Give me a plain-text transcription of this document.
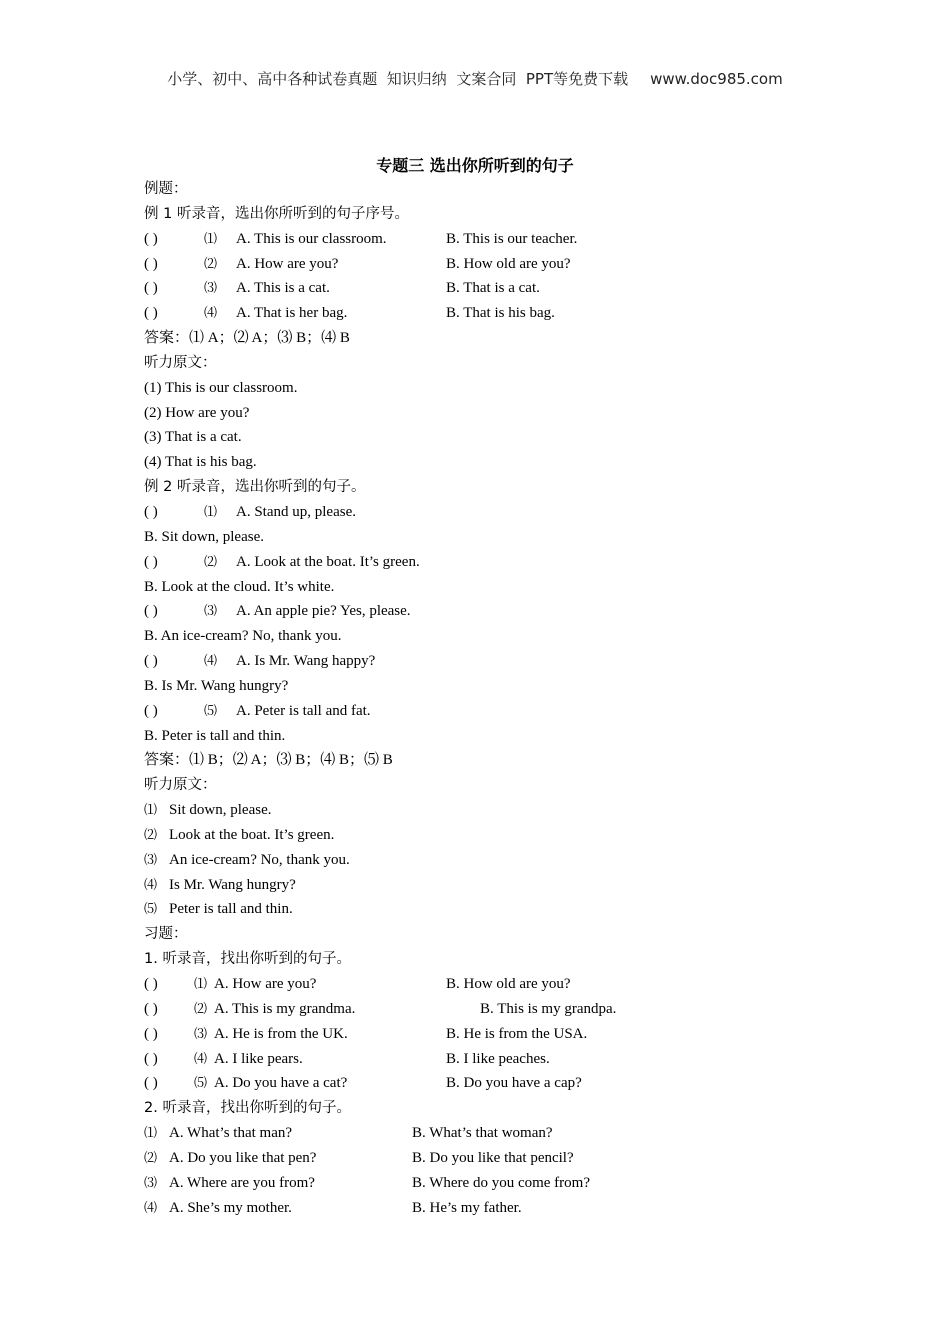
小学、初中、高中各种试卷真题  知识归纳  文案合同  PPT等免费下载 www.doc985.com
专题三 选出你所听到的句子
例题：
例 1 听录音，选出你所听到的句子序号。
( )	⑴ A. This is our classroom.	B. This is our teacher.
( )	⑵ A. How are you?	B. How old are you?
( )	⑶ A. This is a cat.	B. That is a cat.
( )	⑷ A. That is her bag.	B. That is his bag.
答案：⑴ A；⑵ A；⑶ B；⑷ B
听力原文：
(1) This is our classroom.
(2) How are you?
(3) That is a cat.
(4) That is his bag.
例 2 听录音，选出你听到的句子。
( )	⑴ A. Stand up, please.
B. Sit down, please.
( )	⑵ A. Look at the boat. It’s green.
B. Look at the cloud. It’s white.
( )	⑶ A. An apple pie? Yes, please.
B. An ice-cream? No, thank you.
( )	⑷ A. Is Mr. Wang happy?
B. Is Mr. Wang hungry?
( )	⑸ A. Peter is tall and fat.
B. Peter is tall and thin.
答案：⑴ B；⑵ A；⑶ B；⑷ B；⑸ B
听力原文：
⑴ Sit down, please.
⑵ Look at the boat. It’s green.
⑶ An ice-cream? No, thank you.
⑷ Is Mr. Wang hungry?
⑸ Peter is tall and thin.
习题：
1. 听录音，找出你听到的句子。
( )	⑴ A. How are you?	B. How old are you?
( )	⑵ A. This is my grandma.	B. This is my grandpa.
( )	⑶ A. He is from the UK.	B. He is from the USA.
( )	⑷ A. I like pears.	B. I like peaches.
( )	⑸ A. Do you have a cat?	B. Do you have a cap?
2. 听录音，找出你听到的句子。
⑴ A. What’s that man?	B. What’s that woman?
⑵ A. Do you like that pen?	B. Do you like that pencil?
⑶ A. Where are you from?	B. Where do you come from?
⑷ A. She’s my mother.	B. He’s my father.
